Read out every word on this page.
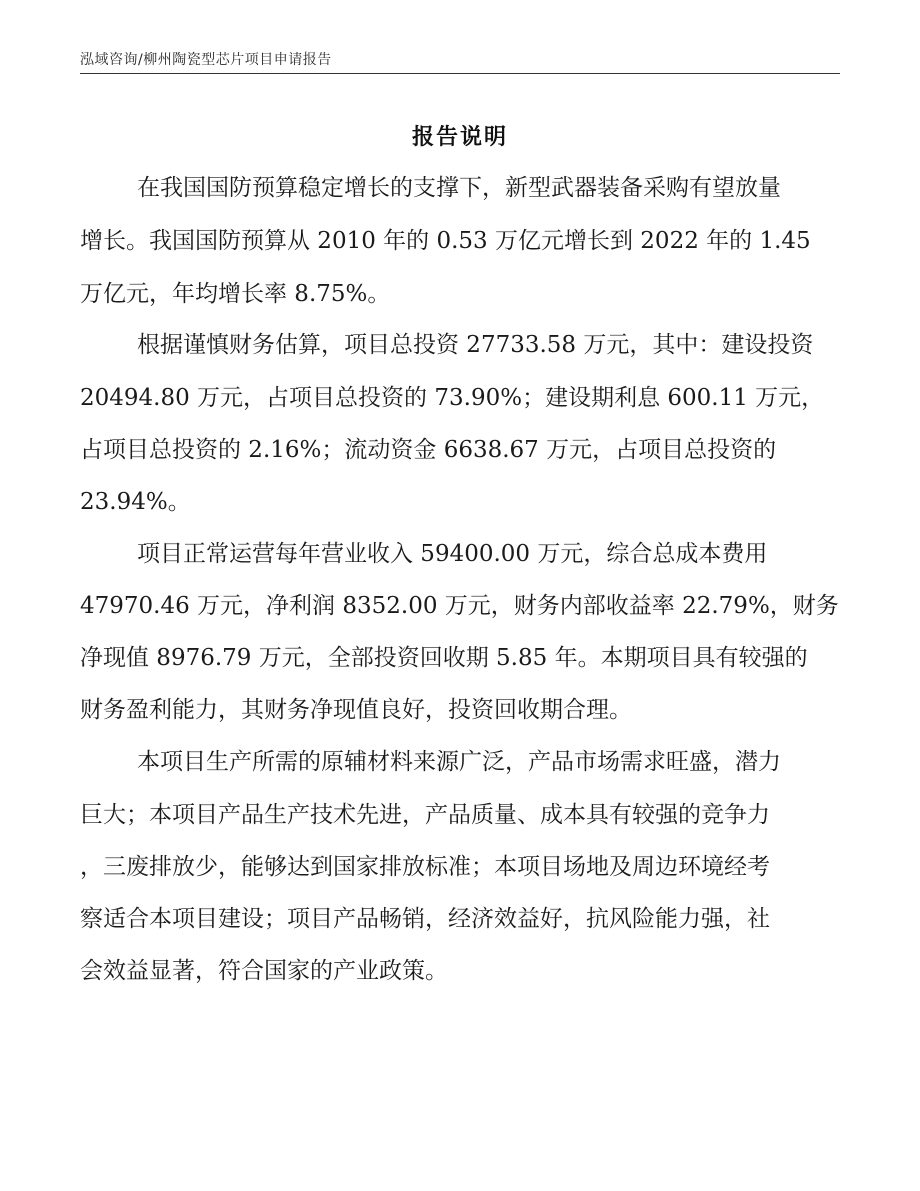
泓域咨询/柳州陶瓷型芯片项目申请报告
报告说明
在我国国防预算稳定增长的支撑下，新型武器装备采购有望放量
增长。我国国防预算从 2010 年的 0.53 万亿元增长到 2022 年的 1.45
万亿元，年均增长率 8.75%。
根据谨慎财务估算，项目总投资 27733.58 万元，其中：建设投资
20494.80 万元，占项目总投资的 73.90%；建设期利息 600.11 万元，
占项目总投资的 2.16%；流动资金 6638.67 万元，占项目总投资的
23.94%。
项目正常运营每年营业收入 59400.00 万元，综合总成本费用
47970.46 万元，净利润 8352.00 万元，财务内部收益率 22.79%，财务
净现值 8976.79 万元，全部投资回收期 5.85 年。本期项目具有较强的
财务盈利能力，其财务净现值良好，投资回收期合理。
本项目生产所需的原辅材料来源广泛，产品市场需求旺盛，潜力
巨大；本项目产品生产技术先进，产品质量、成本具有较强的竞争力
，三废排放少，能够达到国家排放标准；本项目场地及周边环境经考
察适合本项目建设；项目产品畅销，经济效益好，抗风险能力强，社
会效益显著，符合国家的产业政策。
